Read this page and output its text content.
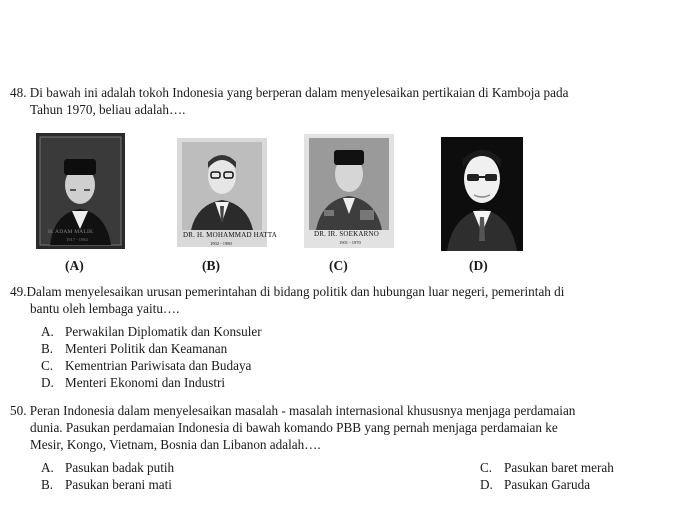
48. Di bawah ini adalah tokoh Indonesia yang berperan dalam menyelesaikan pertikaian di Kamboja pada
Tahun 1970, beliau adalah….
H. ADAM MALIK
1917 - 1984
(A)
DR. H. MOHAMMAD HATTA
1902 - 1980
(B)
DR. IR. SOEKARNO
1901 - 1970
(C)	(D)
49.Dalam menyelesaikan urusan pemerintahan di bidang politik dan hubungan luar negeri, pemerintah di
bantu oleh lembaga yaitu….
A. Perwakilan Diplomatik dan Konsuler
B. Menteri Politik dan Keamanan
C. Kementrian Pariwisata dan Budaya
D. Menteri Ekonomi dan Industri
50. Peran Indonesia dalam menyelesaikan masalah - masalah internasional khususnya menjaga perdamaian
dunia. Pasukan perdamaian Indonesia di bawah komando PBB yang pernah menjaga perdamaian ke
Mesir, Kongo, Vietnam, Bosnia dan Libanon adalah….
A. Pasukan badak putih
B. Pasukan berani mati
C. Pasukan baret merah
D. Pasukan Garuda
